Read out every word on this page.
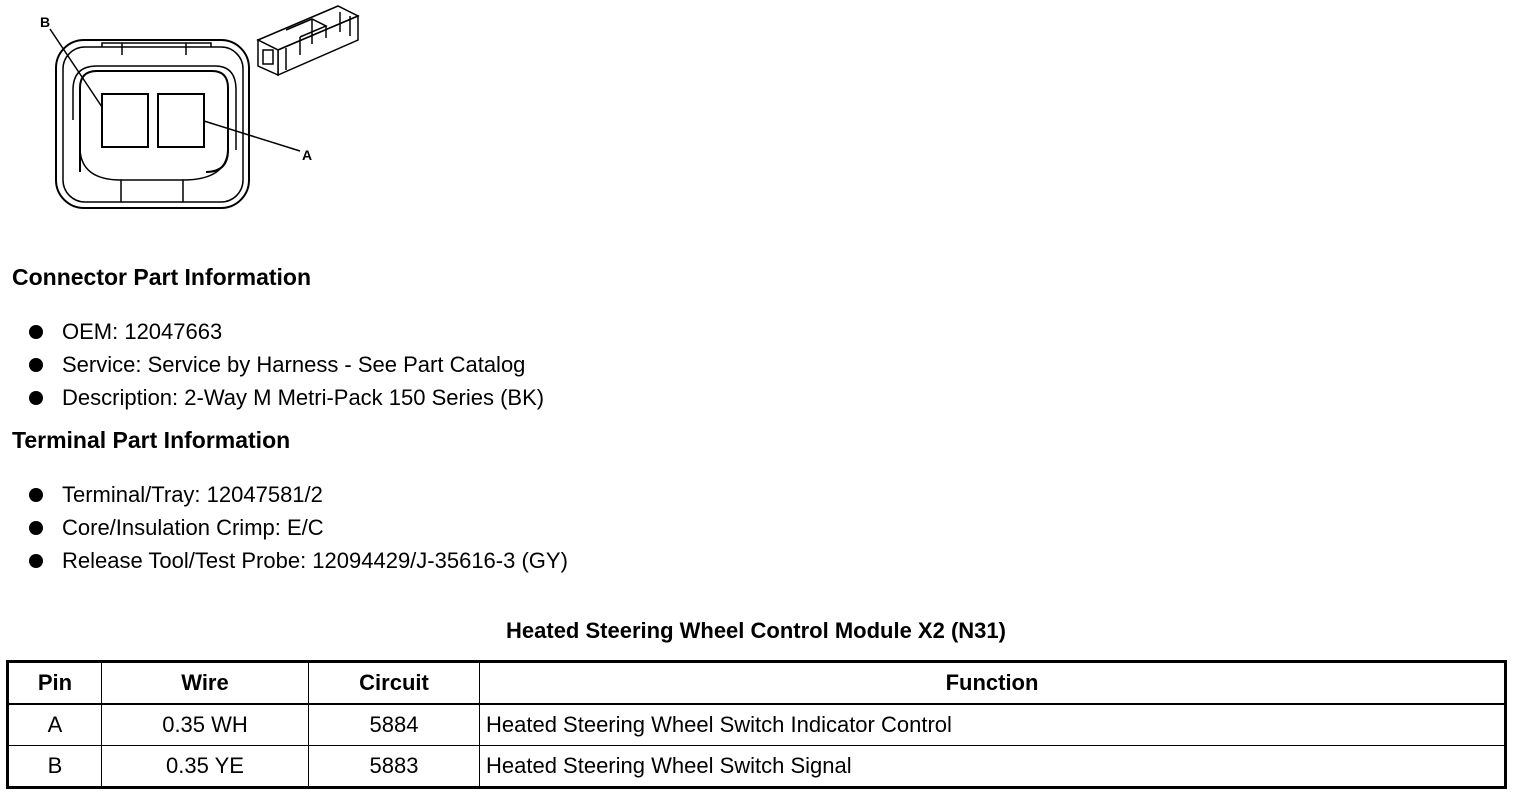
B
A
Connector Part Information
OEM: 12047663
Service: Service by Harness - See Part Catalog
Description: 2-Way M Metri-Pack 150 Series (BK)
Terminal Part Information
Terminal/Tray: 12047581/2
Core/Insulation Crimp: E/C
Release Tool/Test Probe: 12094429/J-35616-3 (GY)
Heated Steering Wheel Control Module X2 (N31)
Pin	Wire	Circuit	Function
A	0.35 WH	5884	Heated Steering Wheel Switch Indicator Control
B	0.35 YE	5883	Heated Steering Wheel Switch Signal
